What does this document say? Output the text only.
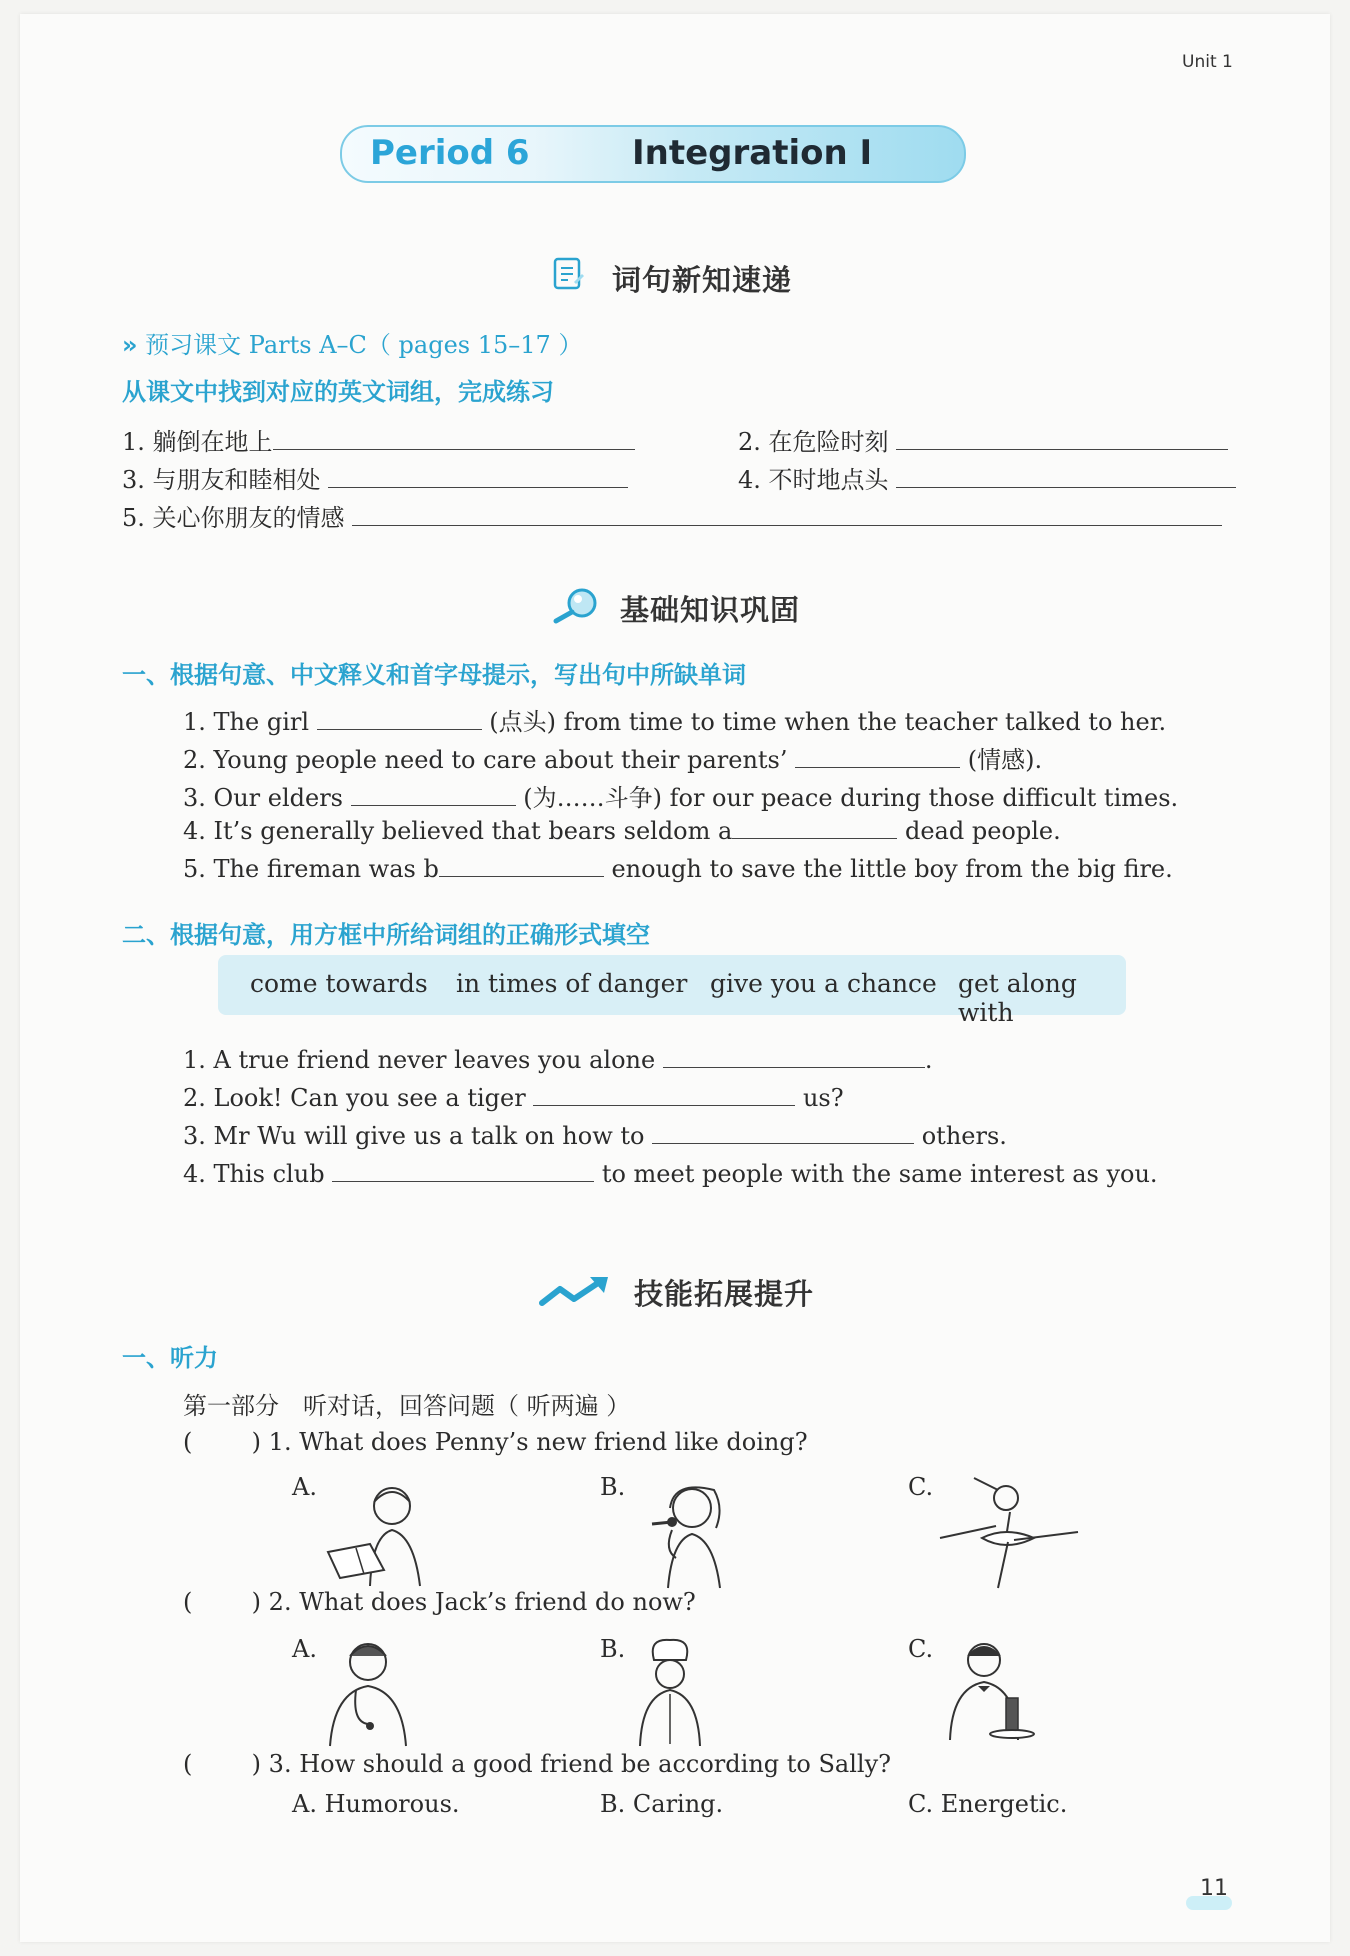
Unit 1
Period 6	Integration I
词句新知速递
» 预习课文 Parts A–C（ pages 15–17 ）
从课文中找到对应的英文词组，完成练习
1. 躺倒在地上	2. 在危险时刻
3. 与朋友和睦相处	4. 不时地点头
5. 关心你朋友的情感
基础知识巩固
一、根据句意、中文释义和首字母提示，写出句中所缺单词
1. The girl	(点头) from time to time when the teacher talked to her.
2. Young people need to care about their parents’	(情感).
3. Our elders	(为……斗争) for our peace during those difficult times.
4. It’s generally believed that bears seldom a	dead people.
5. The fireman was b	enough to save the little boy from the big fire.
二、根据句意，用方框中所给词组的正确形式填空
come towards in times of danger give you a chance get along with
1. A true friend never leaves you alone	.
2. Look! Can you see a tiger	us?
3. Mr Wu will give us a talk on how to	others.
4. This club	to meet people with the same interest as you.
技能拓展提升
一、听力
第一部分　听对话，回答问题（ 听两遍 ）
( ) 1. What does Penny’s new friend like doing?
A.	B.	C.
( ) 2. What does Jack’s friend do now?
A.	B.	C.
( ) 3. How should a good friend be according to Sally?
A. Humorous.	B. Caring.	C. Energetic.
11
